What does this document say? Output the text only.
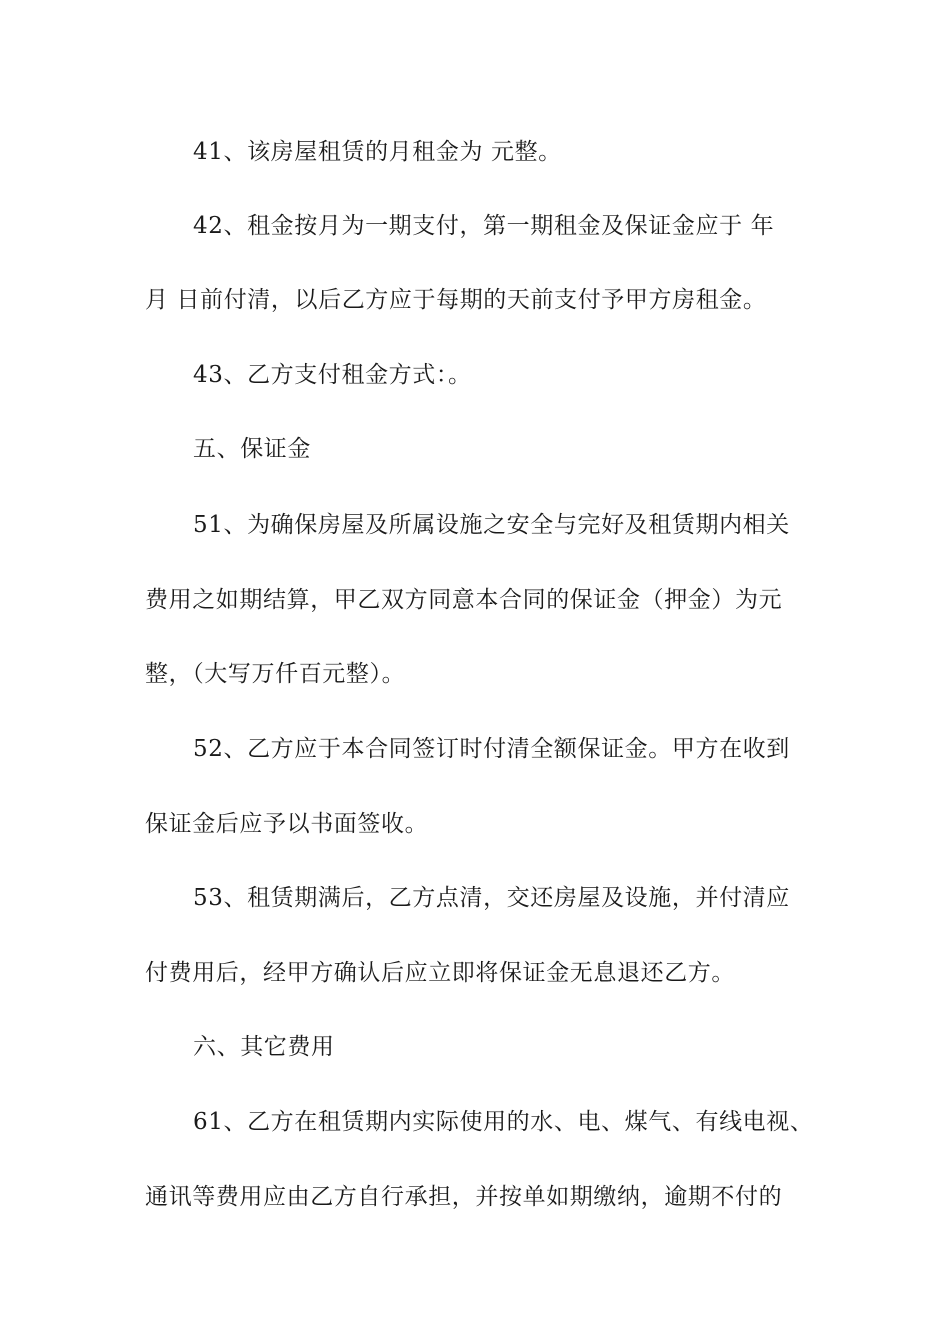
41、该房屋租赁的月租金为 元整。
42、租金按月为一期支付，第一期租金及保证金应于 年
月 日前付清，以后乙方应于每期的天前支付予甲方房租金。
43、乙方支付租金方式：。
五、保证金
51、为确保房屋及所属设施之安全与完好及租赁期内相关
费用之如期结算，甲乙双方同意本合同的保证金（押金）为元
整，（大写万仟百元整）。
52、乙方应于本合同签订时付清全额保证金。甲方在收到
保证金后应予以书面签收。
53、租赁期满后，乙方点清，交还房屋及设施，并付清应
付费用后，经甲方确认后应立即将保证金无息退还乙方。
六、其它费用
61、乙方在租赁期内实际使用的水、电、煤气、有线电视、
通讯等费用应由乙方自行承担，并按单如期缴纳，逾期不付的
